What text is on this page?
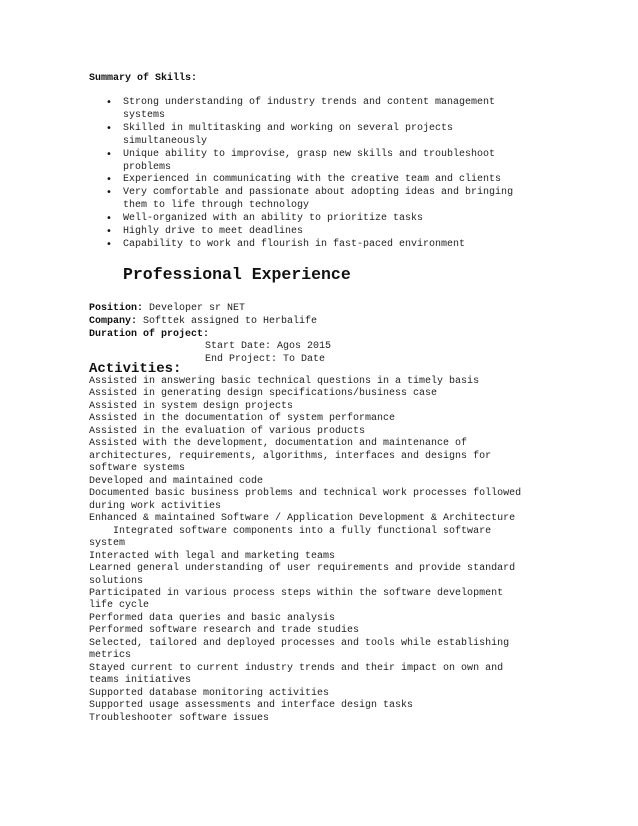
Summary of Skills:
• Strong understanding of industry trends and content management
systems
• Skilled in multitasking and working on several projects
simultaneously
• Unique ability to improvise, grasp new skills and troubleshoot
problems
• Experienced in communicating with the creative team and clients
• Very comfortable and passionate about adopting ideas and bringing
them to life through technology
• Well-organized with an ability to prioritize tasks
• Highly drive to meet deadlines
• Capability to work and flourish in fast-paced environment
Professional Experience
Position: Developer sr NET
Company: Softtek assigned to Herbalife
Duration of project:
Start Date: Agos 2015
End Project: To Date
Activities:
Assisted in answering basic technical questions in a timely basis
Assisted in generating design specifications/business case
Assisted in system design projects
Assisted in the documentation of system performance
Assisted in the evaluation of various products
Assisted with the development, documentation and maintenance of
architectures, requirements, algorithms, interfaces and designs for
software systems
Developed and maintained code
Documented basic business problems and technical work processes followed
during work activities
Enhanced & maintained Software / Application Development & Architecture
Integrated software components into a fully functional software
system
Interacted with legal and marketing teams
Learned general understanding of user requirements and provide standard
solutions
Participated in various process steps within the software development
life cycle
Performed data queries and basic analysis
Performed software research and trade studies
Selected, tailored and deployed processes and tools while establishing
metrics
Stayed current to current industry trends and their impact on own and
teams initiatives
Supported database monitoring activities
Supported usage assessments and interface design tasks
Troubleshooter software issues
